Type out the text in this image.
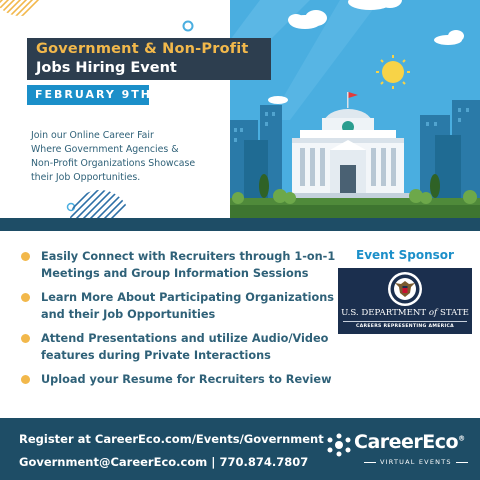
Government & Non-Profit
Jobs Hiring Event
FEBRUARY 9TH
Join our Online Career Fair
Where Government Agencies &
Non-Profit Organizations Showcase
their Job Opportunities.
Easily Connect with Recruiters through 1-on-1
Meetings and Group Information Sessions
Learn More About Participating Organizations
and their Job Opportunities
Attend Presentations and utilize Audio/Video
features during Private Interactions
Upload your Resume for Recruiters to Review
Event Sponsor
U.S. DEPARTMENT of STATE
CAREERS REPRESENTING AMERICA
Register at CareerEco.com/Events/Government
Government@CareerEco.com | 770.874.7807
CareerEco®
VIRTUAL EVENTS
